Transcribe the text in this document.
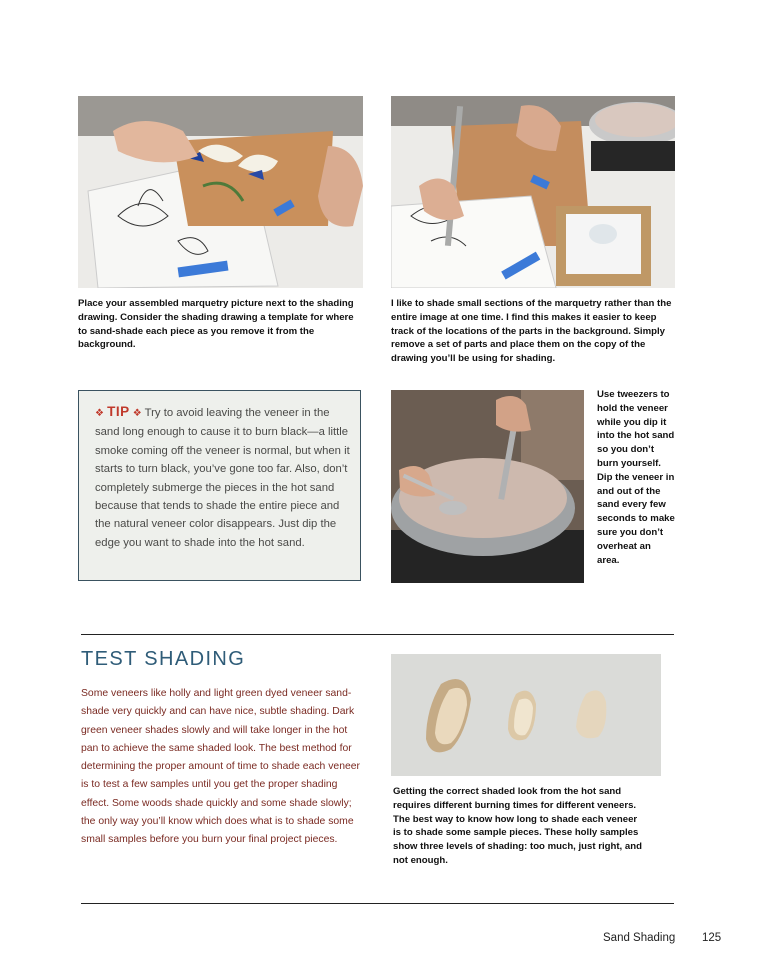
Place your assembled marquetry picture next to the shading drawing. Consider the shading drawing a template for where to sand-shade each piece as you remove it from the background.
I like to shade small sections of the marquetry rather than the entire image at one time. I find this makes it easier to keep track of the locations of the parts in the background. Simply remove a set of parts and place them on the copy of the drawing you’ll be using for shading.
❖ TIP ❖ Try to avoid leaving the veneer in the sand long enough to cause it to burn black—a little smoke coming off the veneer is normal, but when it starts to turn black, you’ve gone too far. Also, don’t completely submerge the pieces in the hot sand because that tends to shade the entire piece and the natural veneer color disappears. Just dip the edge you want to shade into the hot sand.
Use tweezers to hold the veneer while you dip it into the hot sand so you don’t burn yourself. Dip the veneer in and out of the sand every few seconds to make sure you don’t overheat an area.
TEST SHADING
Some veneers like holly and light green dyed veneer sand-shade very quickly and can have nice, subtle shading. Dark green veneer shades slowly and will take longer in the hot pan to achieve the same shaded look. The best method for determining the proper amount of time to shade each veneer is to test a few samples until you get the proper shading effect. Some woods shade quickly and some shade slowly; the only way you’ll know which does what is to shade some small samples before you burn your final project pieces.
Getting the correct shaded look from the hot sand requires different burning times for different veneers. The best way to know how long to shade each veneer is to shade some sample pieces. These holly samples show three levels of shading: too much, just right, and not enough.
Sand Shading 125
